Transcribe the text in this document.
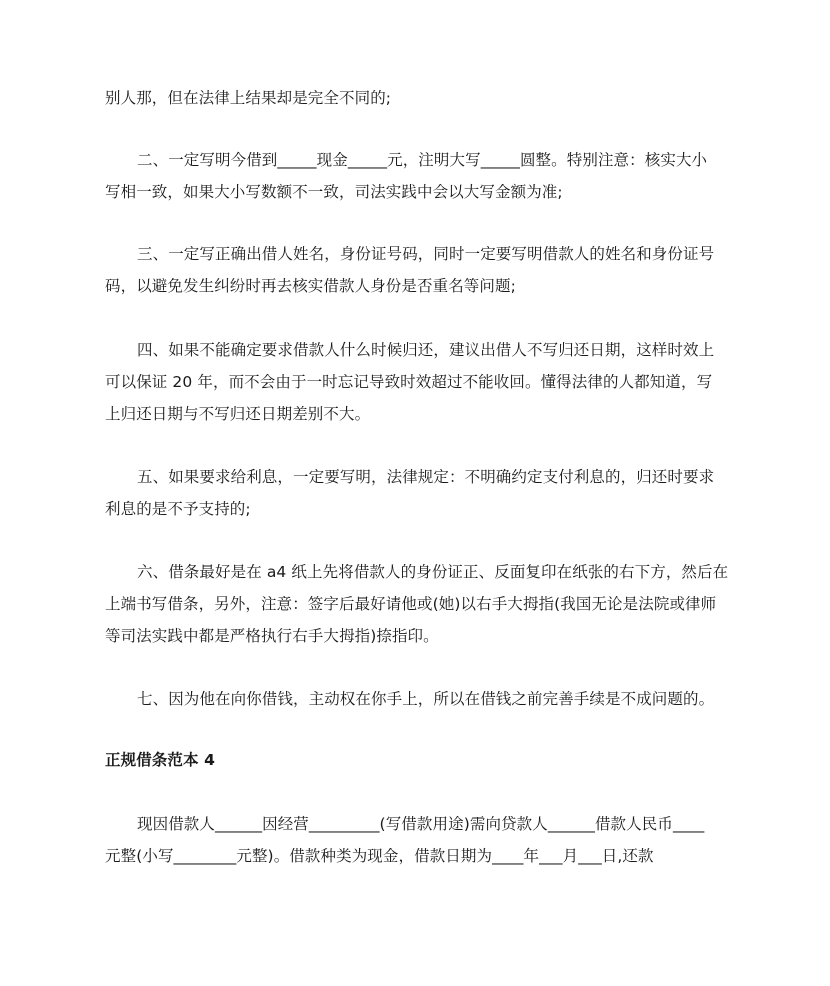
别人那，但在法律上结果却是完全不同的;
二、一定写明今借到_____现金_____元，注明大写_____圆整。特别注意：核实大小
写相一致，如果大小写数额不一致，司法实践中会以大写金额为准;
三、一定写正确出借人姓名，身份证号码，同时一定要写明借款人的姓名和身份证号
码，以避免发生纠纷时再去核实借款人身份是否重名等问题;
四、如果不能确定要求借款人什么时候归还，建议出借人不写归还日期，这样时效上
可以保证 20 年，而不会由于一时忘记导致时效超过不能收回。懂得法律的人都知道，写
上归还日期与不写归还日期差别不大。
五、如果要求给利息，一定要写明，法律规定：不明确约定支付利息的，归还时要求
利息的是不予支持的;
六、借条最好是在 a4 纸上先将借款人的身份证正、反面复印在纸张的右下方，然后在
上端书写借条，另外，注意：签字后最好请他或(她)以右手大拇指(我国无论是法院或律师
等司法实践中都是严格执行右手大拇指)捺指印。
七、因为他在向你借钱，主动权在你手上，所以在借钱之前完善手续是不成问题的。
正规借条范本 4
现因借款人______因经营_________(写借款用途)需向贷款人______借款人民币____
元整(小写________元整)。借款种类为现金，借款日期为____年___月___日,还款
